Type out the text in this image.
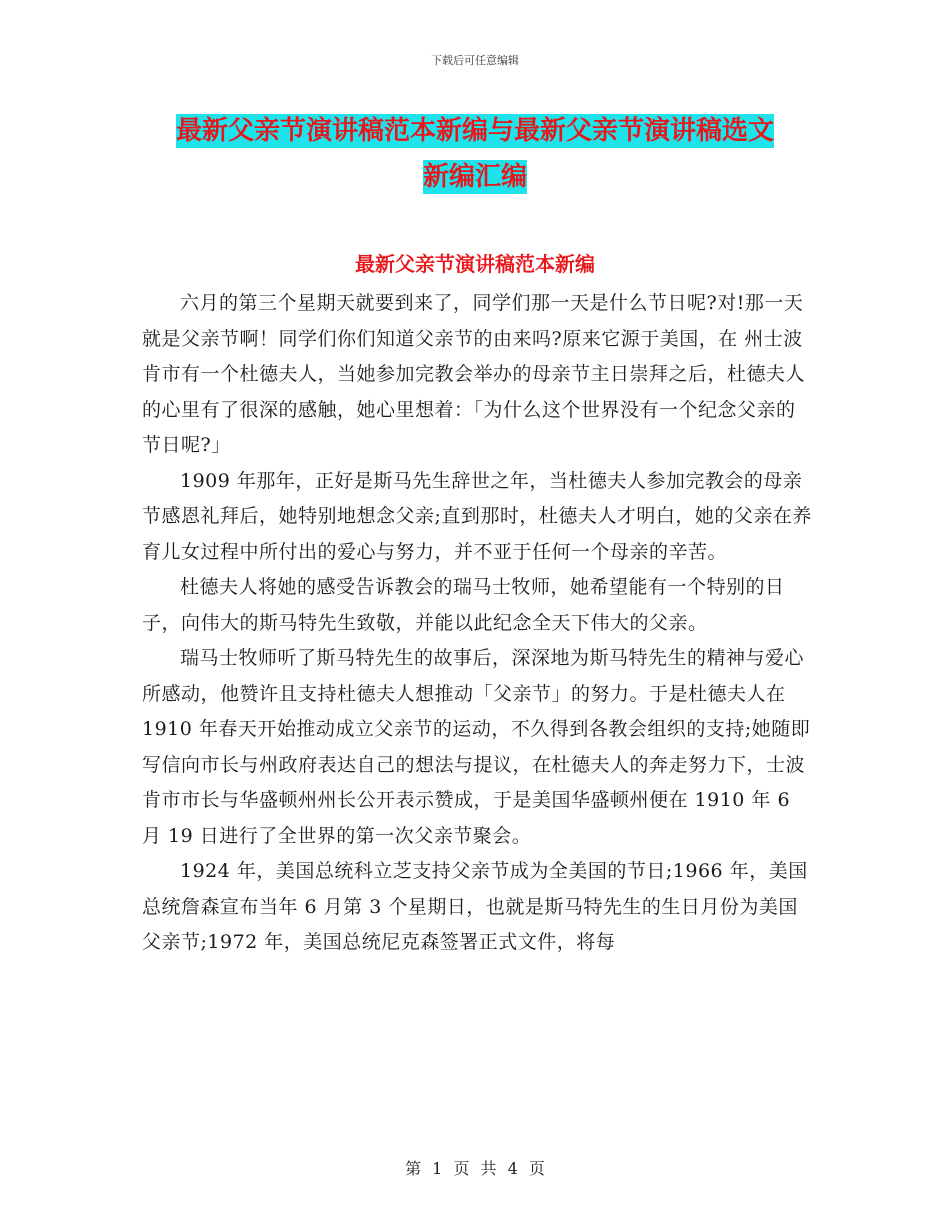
下载后可任意编辑
最新父亲节演讲稿范本新编与最新父亲节演讲稿选文
新编汇编
最新父亲节演讲稿范本新编

六月的第三个星期天就要到来了，同学们那一天是什么节日呢?对!那一天就是父亲节啊！同学们你们知道父亲节的由来吗?原来它源于美国，在 州士波肯市有一个杜德夫人，当她参加完教会举办的母亲节主日崇拜之后，杜德夫人的心里有了很深的感触，她心里想着：「为什么这个世界没有一个纪念父亲的节日呢?」

1909 年那年，正好是斯马先生辞世之年，当杜德夫人参加完教会的母亲节感恩礼拜后，她特别地想念父亲;直到那时，杜德夫人才明白，她的父亲在养育儿女过程中所付出的爱心与努力，并不亚于任何一个母亲的辛苦。

杜德夫人将她的感受告诉教会的瑞马士牧师，她希望能有一个特别的日子，向伟大的斯马特先生致敬，并能以此纪念全天下伟大的父亲。

瑞马士牧师听了斯马特先生的故事后，深深地为斯马特先生的精神与爱心所感动，他赞许且支持杜德夫人想推动「父亲节」的努力。于是杜德夫人在 1910 年春天开始推动成立父亲节的运动，不久得到各教会组织的支持;她随即写信向市长与州政府表达自己的想法与提议，在杜德夫人的奔走努力下，士波肯市市长与华盛顿州州长公开表示赞成，于是美国华盛顿州便在 1910 年 6 月 19 日进行了全世界的第一次父亲节聚会。

1924 年，美国总统科立芝支持父亲节成为全美国的节日;1966 年，美国总统詹森宣布当年 6 月第 3 个星期日，也就是斯马特先生的生日月份为美国父亲节;1972 年，美国总统尼克森签署正式文件，将每

第 1 页 共 4 页
